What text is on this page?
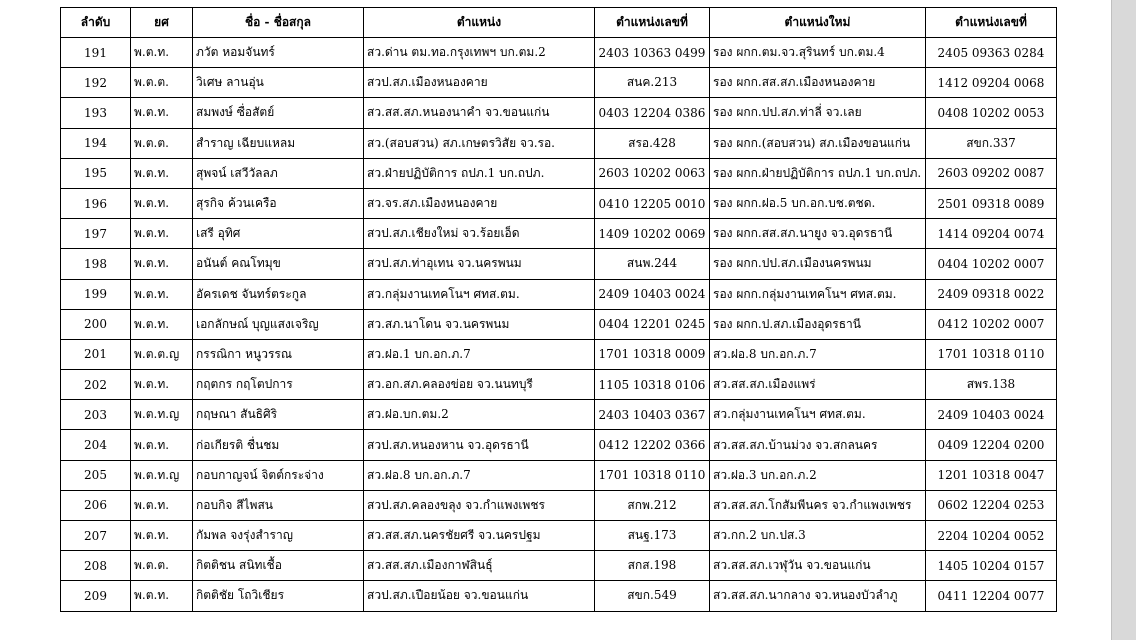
ลำดับ	ยศ	ชื่อ - ชื่อสกุล	ตำแหน่ง	ตำแหน่งเลขที่	ตำแหน่งใหม่	ตำแหน่งเลขที่
191	พ.ต.ท.	ภวัต หอมจันทร์	สว.ด่าน ตม.ทอ.กรุงเทพฯ บก.ตม.2	2403 10363 0499	รอง ผกก.ตม.จว.สุรินทร์ บก.ตม.4	2405 09363 0284
192	พ.ต.ต.	วิเศษ ลานอุ่น	สวป.สภ.เมืองหนองคาย	สนค.213	รอง ผกก.สส.สภ.เมืองหนองคาย	1412 09204 0068
193	พ.ต.ท.	สมพงษ์ ซื่อสัตย์	สว.สส.สภ.หนองนาคำ จว.ขอนแก่น	0403 12204 0386	รอง ผกก.ปป.สภ.ท่าลี่ จว.เลย	0408 10202 0053
194	พ.ต.ต.	สำราญ เฉียบแหลม	สว.(สอบสวน) สภ.เกษตรวิสัย จว.รอ.	สรอ.428	รอง ผกก.(สอบสวน) สภ.เมืองขอนแก่น	สขก.337
195	พ.ต.ท.	สุพจน์ เสวีวัลลภ	สว.ฝ่ายปฏิบัติการ ถปภ.1 บก.ถปภ.	2603 10202 0063	รอง ผกก.ฝ่ายปฏิบัติการ ถปภ.1 บก.ถปภ.	2603 09202 0087
196	พ.ต.ท.	สุรกิจ ค้วนเครือ	สว.จร.สภ.เมืองหนองคาย	0410 12205 0010	รอง ผกก.ฝอ.5 บก.อก.บช.ตชด.	2501 09318 0089
197	พ.ต.ท.	เสรี อุทิศ	สวป.สภ.เชียงใหม่ จว.ร้อยเอ็ด	1409 10202 0069	รอง ผกก.สส.สภ.นายูง จว.อุดรธานี	1414 09204 0074
198	พ.ต.ท.	อนันต์ คณโทมุข	สวป.สภ.ท่าอุเทน จว.นครพนม	สนพ.244	รอง ผกก.ปป.สภ.เมืองนครพนม	0404 10202 0007
199	พ.ต.ท.	อัครเดช จันทร์ตระกูล	สว.กลุ่มงานเทคโนฯ ศทส.ตม.	2409 10403 0024	รอง ผกก.กลุ่มงานเทคโนฯ ศทส.ตม.	2409 09318 0022
200	พ.ต.ท.	เอกลักษณ์ บุญแสงเจริญ	สว.สภ.นาโดน จว.นครพนม	0404 12201 0245	รอง ผกก.ป.สภ.เมืองอุดรธานี	0412 10202 0007
201	พ.ต.ต.ญ	กรรณิกา หนูวรรณ	สว.ฝอ.1 บก.อก.ภ.7	1701 10318 0009	สว.ฝอ.8 บก.อก.ภ.7	1701 10318 0110
202	พ.ต.ท.	กฤตกร กฤโตปการ	สว.อก.สภ.คลองข่อย จว.นนทบุรี	1105 10318 0106	สว.สส.สภ.เมืองแพร่	สพร.138
203	พ.ต.ท.ญ	กฤษณา สันธิศิริ	สว.ฝอ.บก.ตม.2	2403 10403 0367	สว.กลุ่มงานเทคโนฯ ศทส.ตม.	2409 10403 0024
204	พ.ต.ท.	ก่อเกียรติ ชื่นชม	สวป.สภ.หนองหาน จว.อุดรธานี	0412 12202 0366	สว.สส.สภ.บ้านม่วง จว.สกลนคร	0409 12204 0200
205	พ.ต.ท.ญ	กอบกาญจน์ จิตต์กระจ่าง	สว.ฝอ.8 บก.อก.ภ.7	1701 10318 0110	สว.ฝอ.3 บก.อก.ภ.2	1201 10318 0047
206	พ.ต.ท.	กอบกิจ สีไพสน	สวป.สภ.คลองขลุง จว.กำแพงเพชร	สกพ.212	สว.สส.สภ.โกสัมพีนคร จว.กำแพงเพชร	0602 12204 0253
207	พ.ต.ท.	กัมพล จงรุ่งสำราญ	สว.สส.สภ.นครชัยศรี จว.นครปฐม	สนฐ.173	สว.กก.2 บก.ปส.3	2204 10204 0052
208	พ.ต.ต.	กิตติชน สนิทเชื้อ	สว.สส.สภ.เมืองกาฬสินธุ์	สกส.198	สว.สส.สภ.เวฬุวัน จว.ขอนแก่น	1405 10204 0157
209	พ.ต.ท.	กิตติชัย โถวิเชียร	สวป.สภ.เปือยน้อย จว.ขอนแก่น	สขก.549	สว.สส.สภ.นากลาง จว.หนองบัวลำภู	0411 12204 0077
